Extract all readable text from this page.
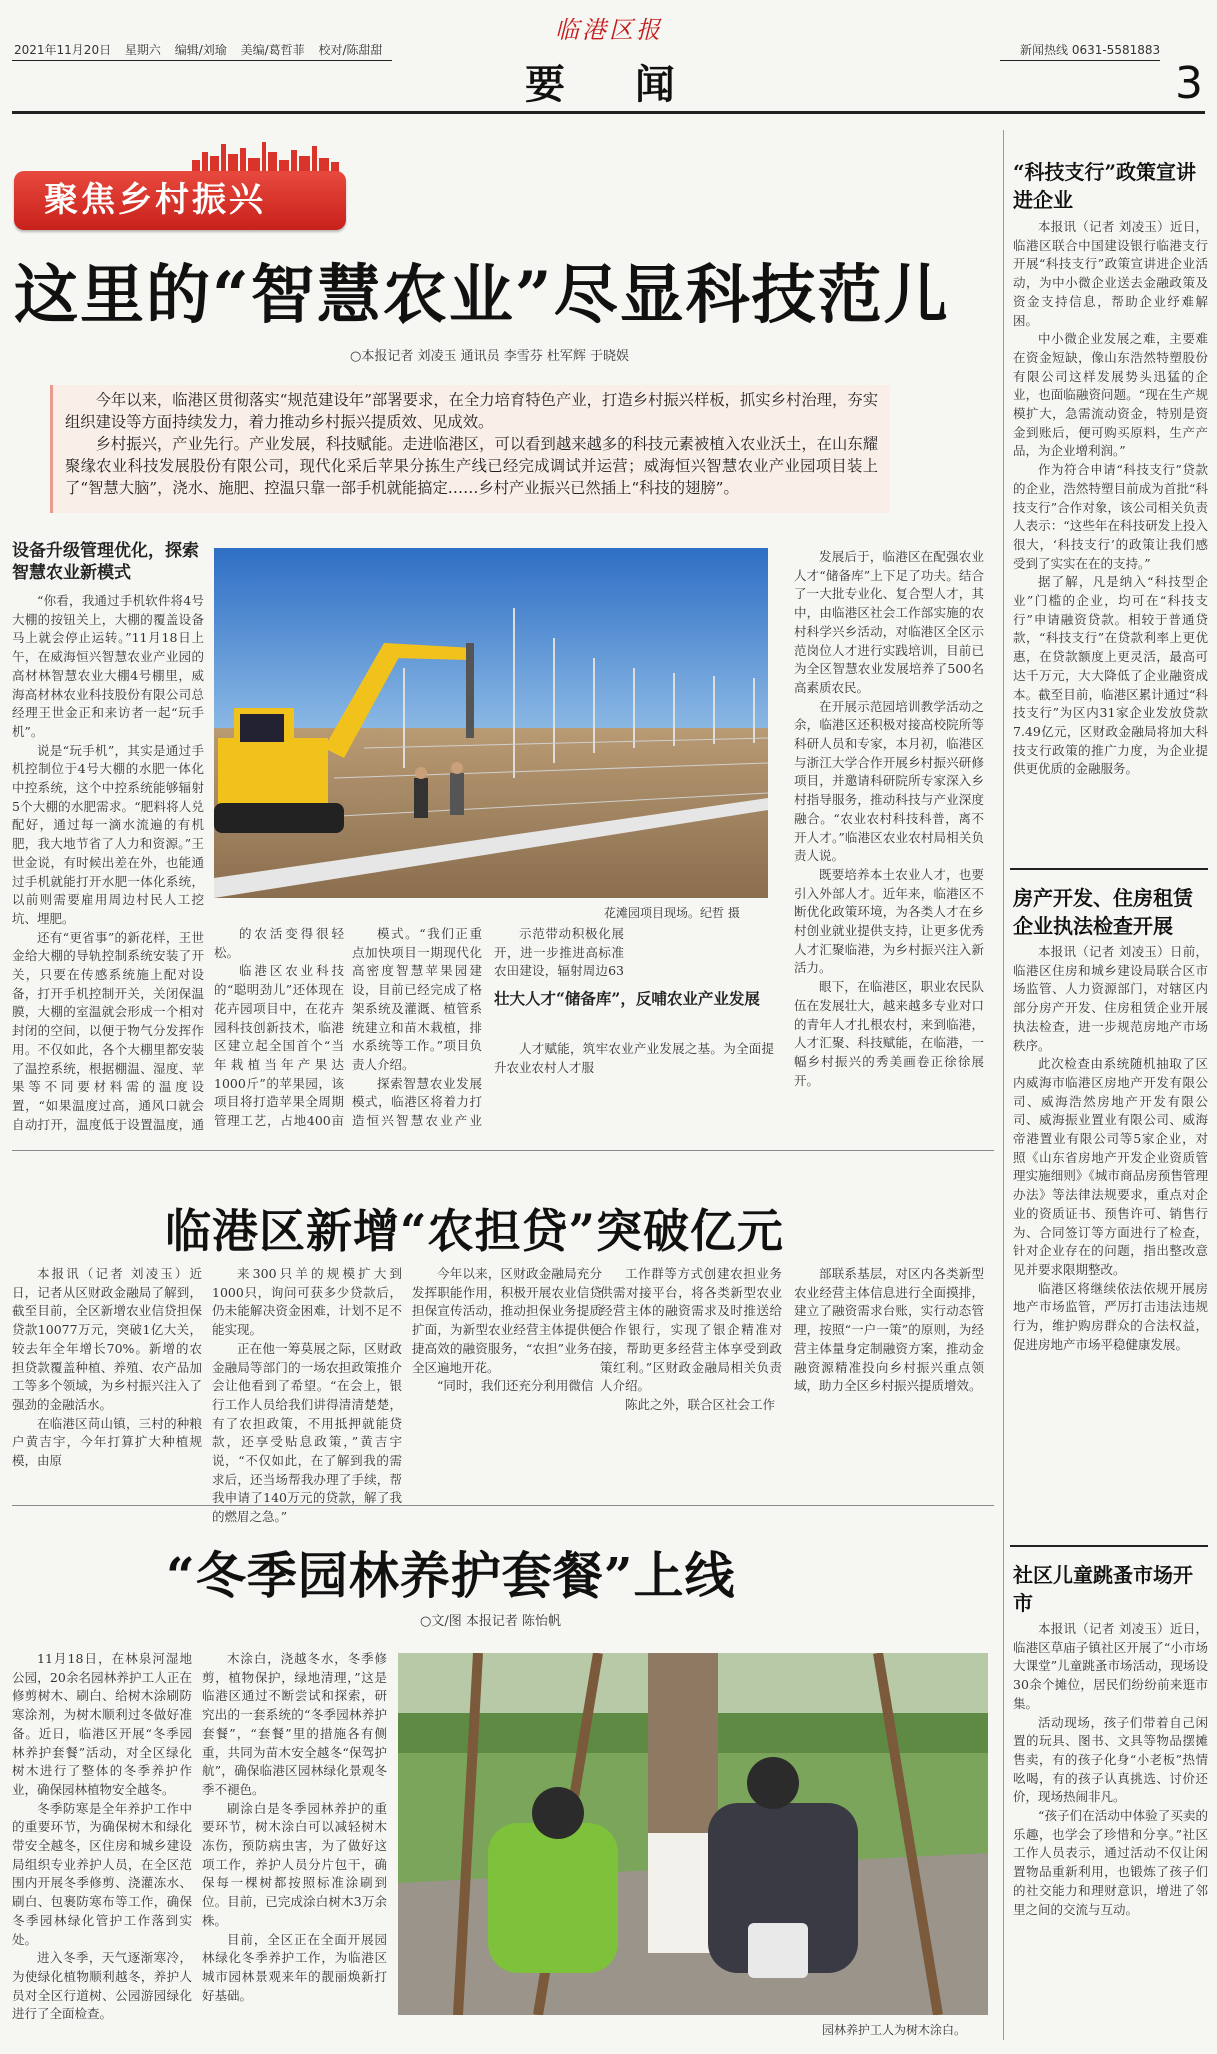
2021年11月20日 星期六 编辑/刘瑜 美编/葛哲菲 校对/陈甜甜
临港区报
要 闻
新闻热线 0631-5581883
3
聚焦乡村振兴
这里的“智慧农业”尽显科技范儿
○本报记者 刘凌玉 通讯员 李雪芬 杜军辉 于晓娱

今年以来，临港区贯彻落实“规范建设年”部署要求，在全力培育特色产业，打造乡村振兴样板，抓实乡村治理，夯实组织建设等方面持续发力，着力推动乡村振兴提质效、见成效。

乡村振兴，产业先行。产业发展，科技赋能。走进临港区，可以看到越来越多的科技元素被植入农业沃土，在山东耀聚缘农业科技发展股份有限公司，现代化采后苹果分拣生产线已经完成调试并运营；威海恒兴智慧农业产业园项目装上了“智慧大脑”，浇水、施肥、控温只靠一部手机就能搞定……乡村产业振兴已然插上“科技的翅膀”。

设备升级管理优化，探索智慧农业新模式

“你看，我通过手机软件将4号大棚的按钮关上，大棚的覆盖设备马上就会停止运转。”11月18日上午，在威海恒兴智慧农业产业园的高材林智慧农业大棚4号棚里，威海高材林农业科技股份有限公司总经理王世金正和来访者一起“玩手机”。

说是“玩手机”，其实是通过手机控制位于4号大棚的水肥一体化中控系统，这个中控系统能够辐射5个大棚的水肥需求。“肥料将人兑配好，通过每一滴水流遍的有机肥，我大地节省了人力和资源。”王世金说，有时候出差在外，也能通过手机就能打开水肥一体化系统，以前则需要雇用周边村民人工挖坑、埋肥。

还有“更省事”的新花样，王世金给大棚的导轨控制系统安装了开关，只要在传感系统施上配对设备，打开手机控制开关，关闭保温膜，大棚的室温就会形成一个相对封闭的空间，以便于物气分发挥作用。不仅如此，各个大棚里都安装了温控系统，根据棚温、湿度、苹果等不同要材料需的温度设置，“如果温度过高，通风口就会自动打开，温度低于设置温度，通

花滩园项目现场。纪哲 摄

的农活变得很轻松。

临港区农业科技的“聪明劲儿”还体现在花卉园项目中，在花卉园科技创新技术，临港区建立起全国首个“当年栽植当年产果达1000斤”的苹果园，该项目将打造苹果全周期管理工艺，占地400亩

模式。“我们正重点加快项目一期现代化高密度智慧苹果园建设，目前已经完成了格架系统及灌溉、植管系统建立和苗木栽植，排水系统等工作。”项目负责人介绍。

探索智慧农业发展模式，临港区将着力打造恒兴智慧农业产业

示范带动积极化展开，进一步推进高标准农田建设，辐射周边63

壮大人才“储备库”，反哺农业产业发展

人才赋能，筑牢农业产业发展之基。为全面提升农业农村人才服

发展后于，临港区在配强农业人才“储备库”上下足了功夫。结合了一大批专业化、复合型人才，其中，由临港区社会工作部实施的农村科学兴乡活动，对临港区全区示范岗位人才进行实践培训，目前已为全区智慧农业发展培养了500名高素质农民。

在开展示范园培训教学活动之余，临港区还积极对接高校院所等科研人员和专家，本月初，临港区与浙江大学合作开展乡村振兴研修项目，并邀请科研院所专家深入乡村指导服务，推动科技与产业深度融合。“农业农村科技科普，离不开人才。”临港区农业农村局相关负责人说。

既要培养本土农业人才，也要引入外部人才。近年来，临港区不断优化政策环境，为各类人才在乡村创业就业提供支持，让更多优秀人才汇聚临港，为乡村振兴注入新活力。

眼下，在临港区，职业农民队伍在发展壮大，越来越多专业对口的青年人才扎根农村，来到临港，人才汇聚、科技赋能，在临港，一幅乡村振兴的秀美画卷正徐徐展开。

“科技支行”政策宣讲进企业

本报讯（记者 刘凌玉）近日，临港区联合中国建设银行临港支行开展“科技支行”政策宣讲进企业活动，为中小微企业送去金融政策及资金支持信息，帮助企业纾难解困。

中小微企业发展之难，主要难在资金短缺，像山东浩然特塑股份有限公司这样发展势头迅猛的企业，也面临融资问题。“现在生产规模扩大，急需流动资金，特别是资金到账后，便可购买原料，生产产品，为企业增利润。”

作为符合申请“科技支行”贷款的企业，浩然特塑目前成为首批“科技支行”合作对象，该公司相关负责人表示：“这些年在科技研发上投入很大，‘科技支行’的政策让我们感受到了实实在在的支持。”

据了解，凡是纳入“科技型企业”门槛的企业，均可在“科技支行”申请融资贷款。相较于普通贷款，“科技支行”在贷款利率上更优惠，在贷款额度上更灵活，最高可达千万元，大大降低了企业融资成本。截至目前，临港区累计通过“科技支行”为区内31家企业发放贷款7.49亿元，区财政金融局将加大科技支行政策的推广力度，为企业提供更优质的金融服务。

房产开发、住房租赁企业执法检查开展

本报讯（记者 刘凌玉）日前，临港区住房和城乡建设局联合区市场监管、人力资源部门，对辖区内部分房产开发、住房租赁企业开展执法检查，进一步规范房地产市场秩序。

此次检查由系统随机抽取了区内威海市临港区房地产开发有限公司、威海浩然房地产开发有限公司、威海振业置业有限公司、威海帝港置业有限公司等5家企业，对照《山东省房地产开发企业资质管理实施细则》《城市商品房预售管理办法》等法律法规要求，重点对企业的资质证书、预售许可、销售行为、合同签订等方面进行了检查，针对企业存在的问题，指出整改意见并要求限期整改。

临港区将继续依法依规开展房地产市场监管，严厉打击违法违规行为，维护购房群众的合法权益，促进房地产市场平稳健康发展。

社区儿童跳蚤市场开市

本报讯（记者 刘凌玉）近日，临港区草庙子镇社区开展了“小市场大课堂”儿童跳蚤市场活动，现场设30余个摊位，居民们纷纷前来逛市集。

活动现场，孩子们带着自己闲置的玩具、图书、文具等物品摆摊售卖，有的孩子化身“小老板”热情吆喝，有的孩子认真挑选、讨价还价，现场热闹非凡。

“孩子们在活动中体验了买卖的乐趣，也学会了珍惜和分享。”社区工作人员表示，通过活动不仅让闲置物品重新利用，也锻炼了孩子们的社交能力和理财意识，增进了邻里之间的交流与互动。

临港区新增“农担贷”突破亿元

本报讯（记者 刘凌玉）近日，记者从区财政金融局了解到，截至目前，全区新增农业信贷担保贷款10077万元，突破1亿大关，较去年全年增长70%。新增的农担贷款覆盖种植、养殖、农产品加工等多个领域，为乡村振兴注入了强劲的金融活水。

在临港区苘山镇，三村的种粮户黄吉宇，今年打算扩大种植规模，由原

来300只羊的规模扩大到1000只，询问可获多少贷款后，仍未能解决资金困难，计划不足不能实现。

正在他一筹莫展之际，区财政金融局等部门的一场农担政策推介会让他看到了希望。“在会上，银行工作人员给我们讲得清清楚楚，有了农担政策，不用抵押就能贷款，还享受贴息政策，”黄吉宇说，“不仅如此，在了解到我的需求后，还当场帮我办理了手续，帮我申请了140万元的贷款，解了我的燃眉之急。”

今年以来，区财政金融局充分发挥职能作用，积极开展农业信贷担保宣传活动，推动担保业务提质扩面，为新型农业经营主体提供便捷高效的融资服务，“农担”业务在全区遍地开花。

“同时，我们还充分利用微信

工作群等方式创建农担业务供需对接平台，将各类新型农业经营主体的融资需求及时推送给合作银行，实现了银企精准对接，帮助更多经营主体享受到政策红利。”区财政金融局相关负责人介绍。

陈此之外，联合区社会工作

部联系基层，对区内各类新型农业经营主体信息进行全面摸排，建立了融资需求台账，实行动态管理，按照“一户一策”的原则，为经营主体量身定制融资方案，推动金融资源精准投向乡村振兴重点领域，助力全区乡村振兴提质增效。

“冬季园林养护套餐”上线
○文/图 本报记者 陈怡帆

11月18日，在林泉河湿地公园，20余名园林养护工人正在修剪树木、刷白、给树木涂刷防寒涂剂，为树木顺利过冬做好准备。近日，临港区开展“冬季园林养护套餐”活动，对全区绿化树木进行了整体的冬季养护作业，确保园林植物安全越冬。

冬季防寒是全年养护工作中的重要环节，为确保树木和绿化带安全越冬，区住房和城乡建设局组织专业养护人员，在全区范围内开展冬季修剪、浇灌冻水、刷白、包裹防寒布等工作，确保冬季园林绿化管护工作落到实处。

进入冬季，天气逐渐寒冷，为使绿化植物顺利越冬，养护人员对全区行道树、公园游园绿化进行了全面检查。

木涂白，浇越冬水，冬季修剪，植物保护，绿地清理，”这是临港区通过不断尝试和探索，研究出的一套系统的“冬季园林养护套餐”，“套餐”里的措施各有侧重，共同为苗木安全越冬“保驾护航”，确保临港区园林绿化景观冬季不褪色。

刷涂白是冬季园林养护的重要环节，树木涂白可以减轻树木冻伤，预防病虫害，为了做好这项工作，养护人员分片包干，确保每一棵树都按照标准涂刷到位。目前，已完成涂白树木3万余株。

目前，全区正在全面开展园林绿化冬季养护工作，为临港区城市园林景观来年的靓丽焕新打好基础。

园林养护工人为树木涂白。
